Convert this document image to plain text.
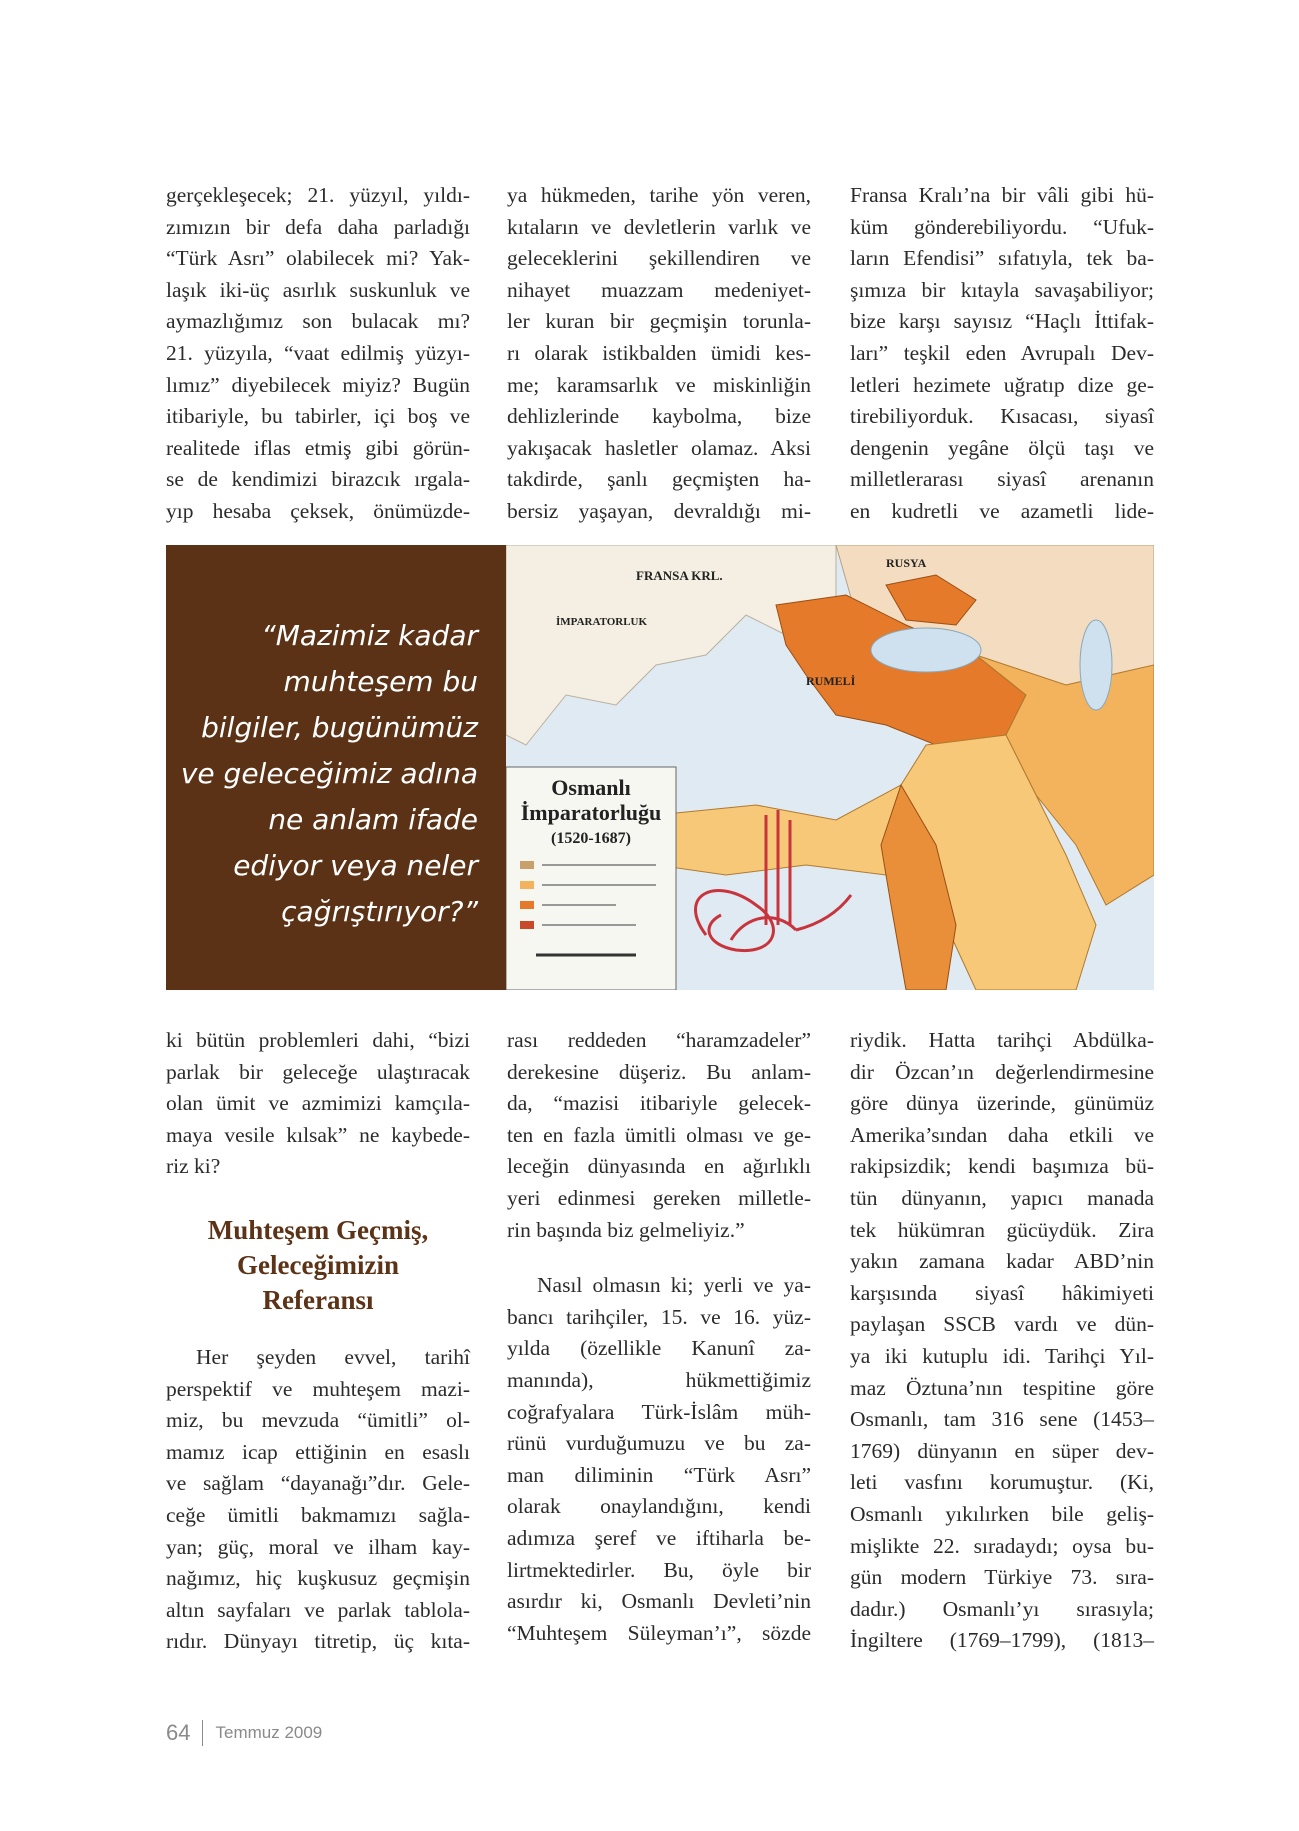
gerçekleşecek; 21. yüzyıl, yıldı-
zımızın bir defa daha parladığı
“Türk Asrı” olabilecek mi? Yak-
laşık iki-üç asırlık suskunluk ve
aymazlığımız son bulacak mı?
21. yüzyıla, “vaat edilmiş yüzyı-
lımız” diyebilecek miyiz? Bugün
itibariyle, bu tabirler, içi boş ve
realitede iflas etmiş gibi görün-
se de kendimizi birazcık ırgala-
yıp hesaba çeksek, önümüzde-
ya hükmeden, tarihe yön veren,
kıtaların ve devletlerin varlık ve
geleceklerini şekillendiren ve
nihayet muazzam medeniyet-
ler kuran bir geçmişin torunla-
rı olarak istikbalden ümidi kes-
me; karamsarlık ve miskinliğin
dehlizlerinde kaybolma, bize
yakışacak hasletler olamaz. Aksi
takdirde, şanlı geçmişten ha-
bersiz yaşayan, devraldığı mi-
Fransa Kralı’na bir vâli gibi hü-
küm gönderebiliyordu. “Ufuk-
ların Efendisi” sıfatıyla, tek ba-
şımıza bir kıtayla savaşabiliyor;
bize karşı sayısız “Haçlı İttifak-
ları” teşkil eden Avrupalı Dev-
letleri hezimete uğratıp dize ge-
tirebiliyorduk. Kısacası, siyasî
dengenin yegâne ölçü taşı ve
milletlerarası siyasî arenanın
en kudretli ve azametli lide-
“Mazimiz kadar
muhteşem bu
bilgiler, bugünümüz
ve geleceğimiz adına
ne anlam ifade
ediyor veya neler
çağrıştırıyor?”
Osmanlı
İmparatorluğu
(1520-1687)
FRANSA KRL.
İMPARATORLUK
RUSYA
RUMELİ
ki bütün problemleri dahi, “bizi
parlak bir geleceğe ulaştıracak
olan ümit ve azmimizi kamçıla-
maya vesile kılsak” ne kaybede-
riz ki?
Muhteşem Geçmiş,
Geleceğimizin
Referansı
Her şeyden evvel, tarihî
perspektif ve muhteşem mazi-
miz, bu mevzuda “ümitli” ol-
mamız icap ettiğinin en esaslı
ve sağlam “dayanağı”dır. Gele-
ceğe ümitli bakmamızı sağla-
yan; güç, moral ve ilham kay-
nağımız, hiç kuşkusuz geçmişin
altın sayfaları ve parlak tablola-
rıdır. Dünyayı titretip, üç kıta-
rası reddeden “haramzadeler”
derekesine düşeriz. Bu anlam-
da, “mazisi itibariyle gelecek-
ten en fazla ümitli olması ve ge-
leceğin dünyasında en ağırlıklı
yeri edinmesi gereken milletle-
rin başında biz gelmeliyiz.”
Nasıl olmasın ki; yerli ve ya-
bancı tarihçiler, 15. ve 16. yüz-
yılda (özellikle Kanunî za-
manında), hükmettiğimiz
coğrafyalara Türk-İslâm müh-
rünü vurduğumuzu ve bu za-
man diliminin “Türk Asrı”
olarak onaylandığını, kendi
adımıza şeref ve iftiharla be-
lirtmektedirler. Bu, öyle bir
asırdır ki, Osmanlı Devleti’nin
“Muhteşem Süleyman’ı”, sözde
riydik. Hatta tarihçi Abdülka-
dir Özcan’ın değerlendirmesine
göre dünya üzerinde, günümüz
Amerika’sından daha etkili ve
rakipsizdik; kendi başımıza bü-
tün dünyanın, yapıcı manada
tek hükümran gücüydük. Zira
yakın zamana kadar ABD’nin
karşısında siyasî hâkimiyeti
paylaşan SSCB vardı ve dün-
ya iki kutuplu idi. Tarihçi Yıl-
maz Öztuna’nın tespitine göre
Osmanlı, tam 316 sene (1453–
1769) dünyanın en süper dev-
leti vasfını korumuştur. (Ki,
Osmanlı yıkılırken bile geliş-
mişlikte 22. sıradaydı; oysa bu-
gün modern Türkiye 73. sıra-
dadır.) Osmanlı’yı sırasıyla;
İngiltere (1769–1799), (1813–
64 Temmuz 2009
